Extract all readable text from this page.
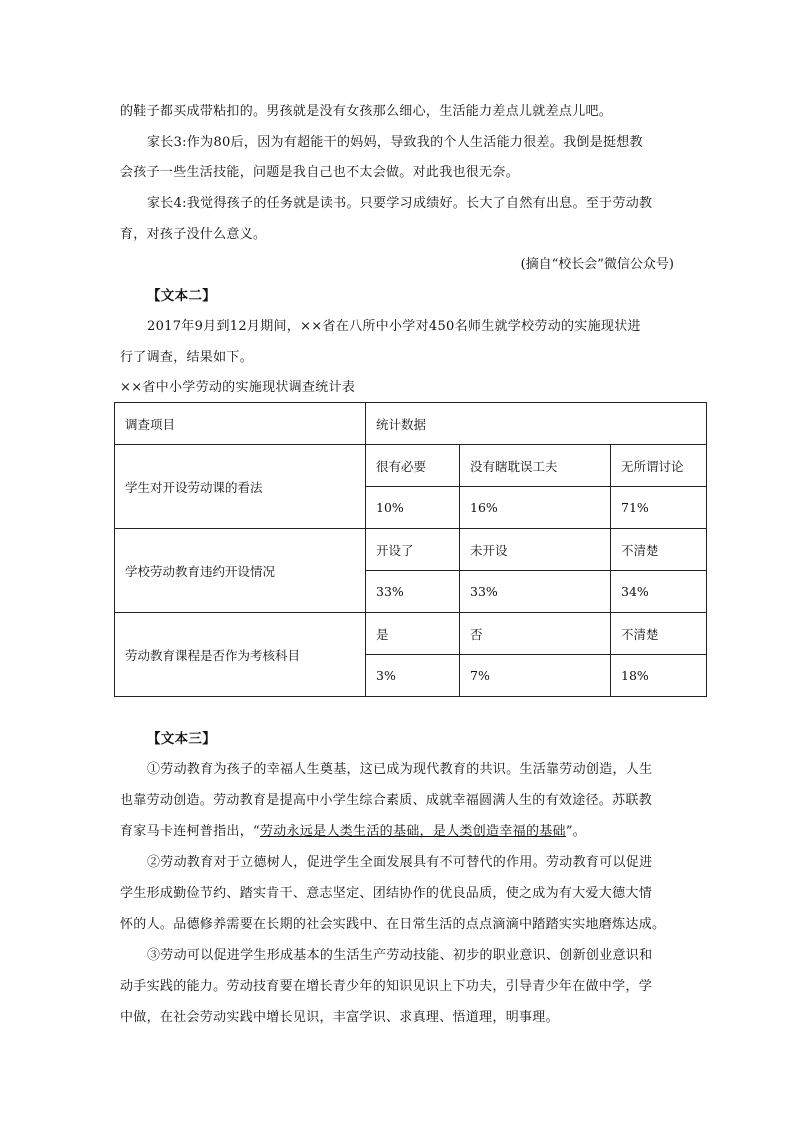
的鞋子都买成带粘扣的。男孩就是没有女孩那么细心，生活能力差点儿就差点儿吧。
家长3:作为80后，因为有超能干的妈妈，导致我的个人生活能力很差。我倒是挺想教
会孩子一些生活技能，问题是我自己也不太会做。对此我也很无奈。
家长4:我觉得孩子的任务就是读书。只要学习成绩好。长大了自然有出息。至于劳动教
育，对孩子没什么意义。
(摘自“校长会”微信公众号)
【文本二】
2017年9月到12月期间，××省在八所中小学对450名师生就学校劳动的实施现状进
行了调查，结果如下。
××省中小学劳动的实施现状调查统计表
调查项目	统计数据		
学生对开设劳动课的看法	很有必要	没有瞎耽误工夫	无所谓讨论
	10%	16%	71%
学校劳动教育违约开设情况	开设了	未开设	不清楚
	33%	33%	34%
劳动教育课程是否作为考核科目	是	否	不清楚
	3%	7%	18%
【文本三】
①劳动教育为孩子的幸福人生奠基，这已成为现代教育的共识。生活靠劳动创造，人生
也靠劳动创造。劳动教育是提高中小学生综合素质、成就幸福圆满人生的有效途径。苏联教
育家马卡连柯普指出，“劳动永远是人类生活的基础，是人类创造幸福的基础”。
②劳动教育对于立德树人，促进学生全面发展具有不可替代的作用。劳动教育可以促进
学生形成勤俭节约、踏实肯干、意志坚定、团结协作的优良品质，使之成为有大爱大德大情
怀的人。品德修养需要在长期的社会实践中、在日常生活的点点滴滴中踏踏实实地磨炼达成。
③劳动可以促进学生形成基本的生活生产劳动技能、初步的职业意识、创新创业意识和
动手实践的能力。劳动技育要在增长青少年的知识见识上下功夫，引导青少年在做中学，学
中做，在社会劳动实践中增长见识，丰富学识、求真理、悟道理，明事理。
